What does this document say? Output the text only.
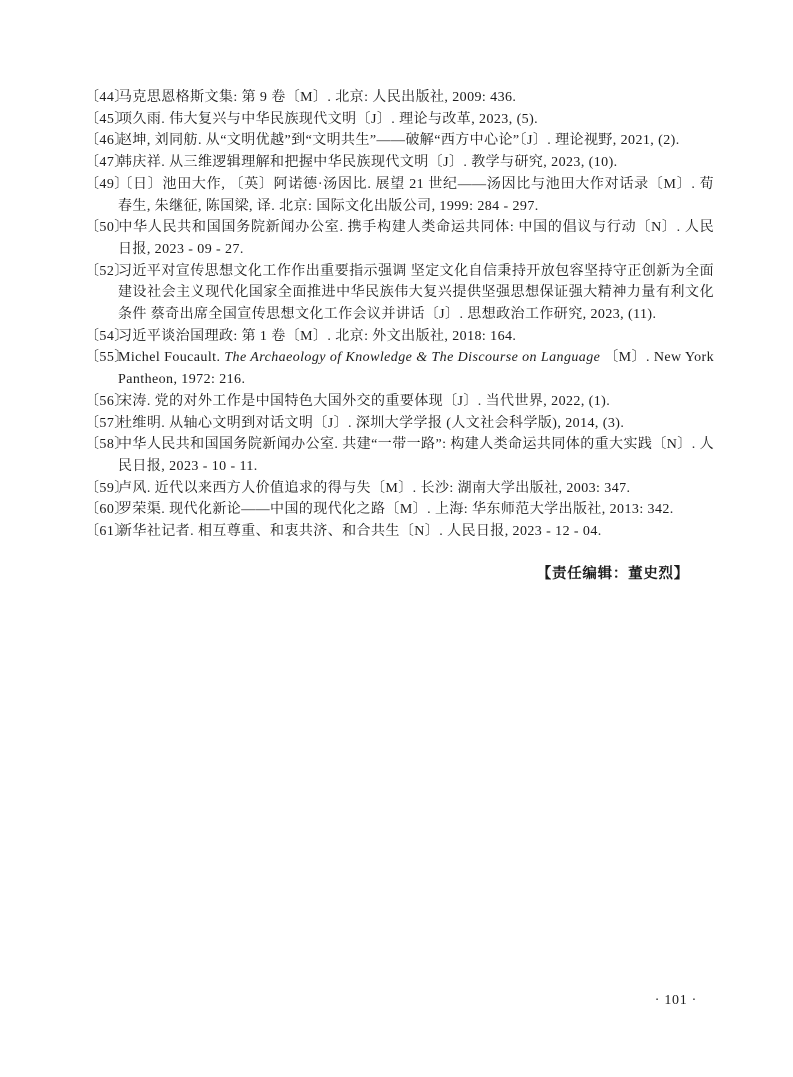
〔44〕马克思恩格斯文集: 第 9 卷〔M〕. 北京: 人民出版社, 2009: 436.

〔45〕项久雨. 伟大复兴与中华民族现代文明〔J〕. 理论与改革, 2023, (5).

〔46〕赵坤, 刘同舫. 从“文明优越”到“文明共生”——破解“西方中心论”〔J〕. 理论视野, 2021, (2).

〔47〕韩庆祥. 从三维逻辑理解和把握中华民族现代文明〔J〕. 教学与研究, 2023, (10).

〔49〕〔日〕池田大作, 〔英〕阿诺德·汤因比. 展望 21 世纪——汤因比与池田大作对话录〔M〕. 荀春生, 朱继征, 陈国梁, 译. 北京: 国际文化出版公司, 1999: 284 - 297.

〔50〕中华人民共和国国务院新闻办公室. 携手构建人类命运共同体: 中国的倡议与行动〔N〕. 人民日报, 2023 - 09 - 27.

〔52〕习近平对宣传思想文化工作作出重要指示强调 坚定文化自信秉持开放包容坚持守正创新为全面建设社会主义现代化国家全面推进中华民族伟大复兴提供坚强思想保证强大精神力量有利文化条件 蔡奇出席全国宣传思想文化工作会议并讲话〔J〕. 思想政治工作研究, 2023, (11).

〔54〕习近平谈治国理政: 第 1 卷〔M〕. 北京: 外文出版社, 2018: 164.

〔55〕Michel Foucault. The Archaeology of Knowledge & The Discourse on Language 〔M〕. New York Pantheon, 1972: 216.

〔56〕宋涛. 党的对外工作是中国特色大国外交的重要体现〔J〕. 当代世界, 2022, (1).

〔57〕杜维明. 从轴心文明到对话文明〔J〕. 深圳大学学报 (人文社会科学版), 2014, (3).

〔58〕中华人民共和国国务院新闻办公室. 共建“一带一路”: 构建人类命运共同体的重大实践〔N〕. 人民日报, 2023 - 10 - 11.

〔59〕卢风. 近代以来西方人价值追求的得与失〔M〕. 长沙: 湖南大学出版社, 2003: 347.

〔60〕罗荣渠. 现代化新论——中国的现代化之路〔M〕. 上海: 华东师范大学出版社, 2013: 342.

〔61〕新华社记者. 相互尊重、和衷共济、和合共生〔N〕. 人民日报, 2023 - 12 - 04.

【责任编辑：董史烈】
· 101 ·
